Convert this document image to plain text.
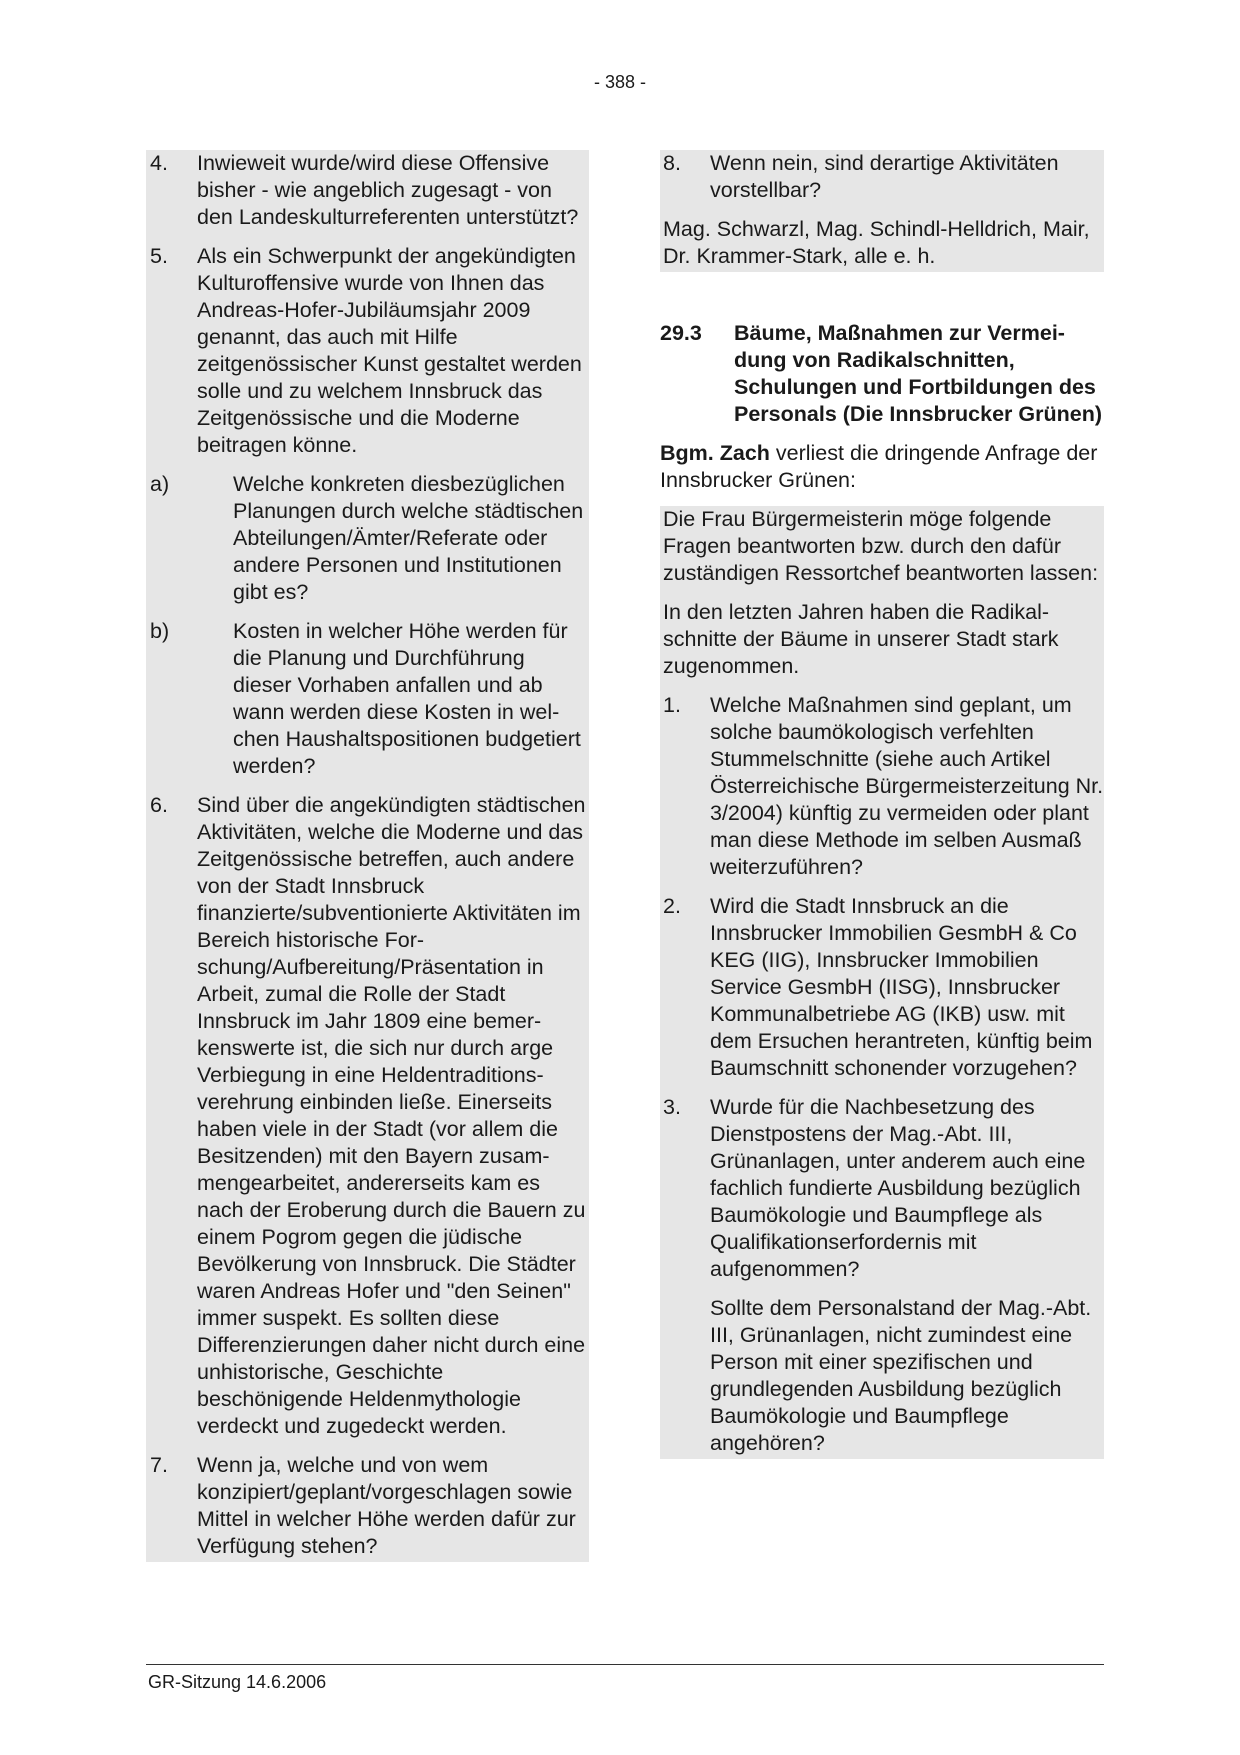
- 388 -
4.	Inwieweit wurde/wird diese Offensive bisher - wie angeblich zugesagt - von den Landeskulturreferenten unterstützt?
5.	Als ein Schwerpunkt der angekündigten Kulturoffensive wurde von Ihnen das Andreas-Hofer-Jubiläumsjahr 2009 genannt, das auch mit Hilfe zeitgenössischer Kunst gestaltet werden solle und zu welchem Innsbruck das Zeitgenössische und die Moderne beitragen könne.
a)	Welche konkreten diesbezüglichen Planungen durch welche städtischen Abteilungen/Ämter/Referate oder andere Personen und Institutionen gibt es?
b)	Kosten in welcher Höhe werden für die Planung und Durchführung dieser Vorhaben anfallen und ab wann werden diese Kosten in welchen Haushaltspositionen budgetiert werden?
6.	Sind über die angekündigten städtischen Aktivitäten, welche die Moderne und das Zeitgenössische betreffen, auch andere von der Stadt Innsbruck finanzierte/subventionierte Aktivitäten im Bereich historische Forschung/Aufbereitung/Präsentation in Arbeit, zumal die Rolle der Stadt Innsbruck im Jahr 1809 eine bemerkenswerte ist, die sich nur durch arge Verbiegung in eine Heldentraditionsverehrung einbinden ließe. Einerseits haben viele in der Stadt (vor allem die Besitzenden) mit den Bayern zusammengearbeitet, andererseits kam es nach der Eroberung durch die Bauern zu einem Pogrom gegen die jüdische Bevölkerung von Innsbruck. Die Städter waren Andreas Hofer und "den Seinen" immer suspekt. Es sollten diese Differenzierungen daher nicht durch eine unhistorische, Geschichte beschönigende Heldenmythologie verdeckt und zugedeckt werden.
7.	Wenn ja, welche und von wem konzipiert/geplant/vorgeschlagen sowie Mittel in welcher Höhe werden dafür zur Verfügung stehen?
8.	Wenn nein, sind derartige Aktivitäten vorstellbar?
Mag. Schwarzl, Mag. Schindl-Helldrich, Mair, Dr. Krammer-Stark, alle e. h.
29.3	Bäume, Maßnahmen zur Vermeidung von Radikalschnitten, Schulungen und Fortbildungen des Personals (Die Innsbrucker Grünen)
Bgm. Zach verliest die dringende Anfrage der Innsbrucker Grünen:
Die Frau Bürgermeisterin möge folgende Fragen beantworten bzw. durch den dafür zuständigen Ressortchef beantworten lassen:
In den letzten Jahren haben die Radikalschnitte der Bäume in unserer Stadt stark zugenommen.
1.	Welche Maßnahmen sind geplant, um solche baumökologisch verfehlten Stummelschnitte (siehe auch Artikel Österreichische Bürgermeisterzeitung Nr. 3/2004) künftig zu vermeiden oder plant man diese Methode im selben Ausmaß weiterzuführen?
2.	Wird die Stadt Innsbruck an die Innsbrucker Immobilien GesmbH & Co KEG (IIG), Innsbrucker Immobilien Service GesmbH (IISG), Innsbrucker Kommunalbetriebe AG (IKB) usw. mit dem Ersuchen herantreten, künftig beim Baumschnitt schonender vorzugehen?
3.	Wurde für die Nachbesetzung des Dienstpostens der Mag.-Abt. III, Grünanlagen, unter anderem auch eine fachlich fundierte Ausbildung bezüglich Baumökologie und Baumpflege als Qualifikationserfordernis mit aufgenommen?
Sollte dem Personalstand der Mag.-Abt. III, Grünanlagen, nicht zumindest eine Person mit einer spezifischen und grundlegenden Ausbildung bezüglich Baumökologie und Baumpflege angehören?
GR-Sitzung 14.6.2006
